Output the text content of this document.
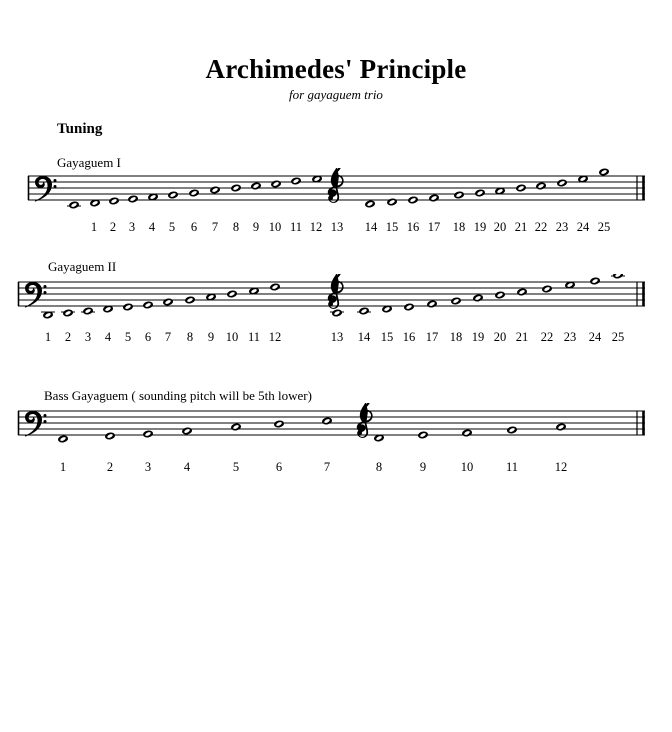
Archimedes' Principle
for gayaguem trio
Tuning
Gayaguem I
1 2 3 4 5 6 7 8 9 10 11 12 13 14 15 16 17 18 19 20 21 22 23 24 25
Gayaguem II
1 2 3 4 5 6 7 8 9 10 11 12	13 14 15 16 17 18 19 20 21 22 23 24 25
Bass Gayaguem ( sounding pitch will be 5th lower)
1	2	3	4	5	6	7	8	9	10	11	12
